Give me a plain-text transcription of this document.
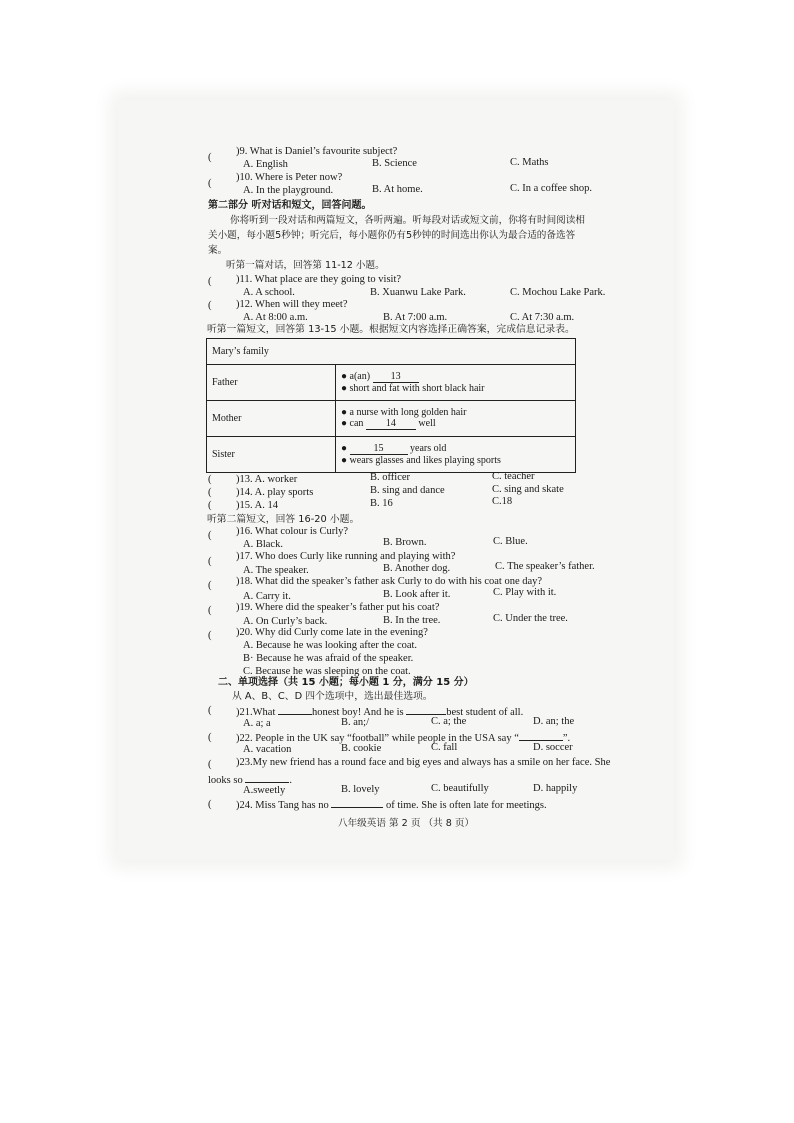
(
)9. What is Daniel’s favourite subject?
A. English	B. Science	C. Maths
(
)10. Where is Peter now?
A. In the playground.	B. At home.	C. In a coffee shop.
第二部分 听对话和短文，回答问题。
你将听到一段对话和两篇短文，各听两遍。听每段对话或短文前，你将有时间阅读相
关小题，每小题5秒钟；听完后，每小题你仍有5秒钟的时间选出你认为最合适的备选答
案。
听第一篇对话，回答第 11-12 小题。
( )11. What place are they going to visit?
A. A school.	B. Xuanwu Lake Park.	C. Mochou Lake Park.
( )12. When will they meet?
A. At 8:00 a.m.	B. At 7:00 a.m.	C. At 7:30 a.m.
听第一篇短文，回答第 13-15 小题。根据短文内容选择正确答案，完成信息记录表。
Mary’s family	
Father	● a(an) 13
● short and fat with short black hair

Mother	● a nurse with long golden hair
● can 14 well

Sister	● 15 years old
● wears glasses and likes playing sports
( )13. A. worker	B. officer	C. teacher
( )14. A. play sports	B. sing and dance	C. sing and skate
( )15. A. 14	B. 16	C.18
听第二篇短文，回答 16-20 小题。
( )16. What colour is Curly?
A. Black.	B. Brown.	C. Blue.
( )17. Who does Curly like running and playing with?
A. The speaker.	B. Another dog.	C. The speaker’s father.
( )18. What did the speaker’s father ask Curly to do with his coat one day?
A. Carry it.	B. Look after it.	C. Play with it.
( )19. Where did the speaker’s father put his coat?
A. On Curly’s back.	B. In the tree.	C. Under the tree.
( )20. Why did Curly come late in the evening?
A. Because he was looking after the coat.
B· Because he was afraid of the speaker.
C. Because he was sleeping on the coat.
二、单项选择（共 15 小题；每小题 1 分，满分 15 分）
从 A、B、C、D 四个选项中，选出最佳选项。
( )21.What	honest boy! And he is	best student of all.
A. a; a	B. an;/	C. a; the	D. an; the
( )22. People in the UK say “football” while people in the USA say “	”.
A. vacation	B. cookie	C. fall	D. soccer
( )23.My new friend has a round face and big eyes and always has a smile on her face. She
looks so	.
A.sweetly	B. lovely	C. beautifully	D. happily
( )24. Miss Tang has no	of time. She is often late for meetings.
八年级英语 第 2 页 （共 8 页）
